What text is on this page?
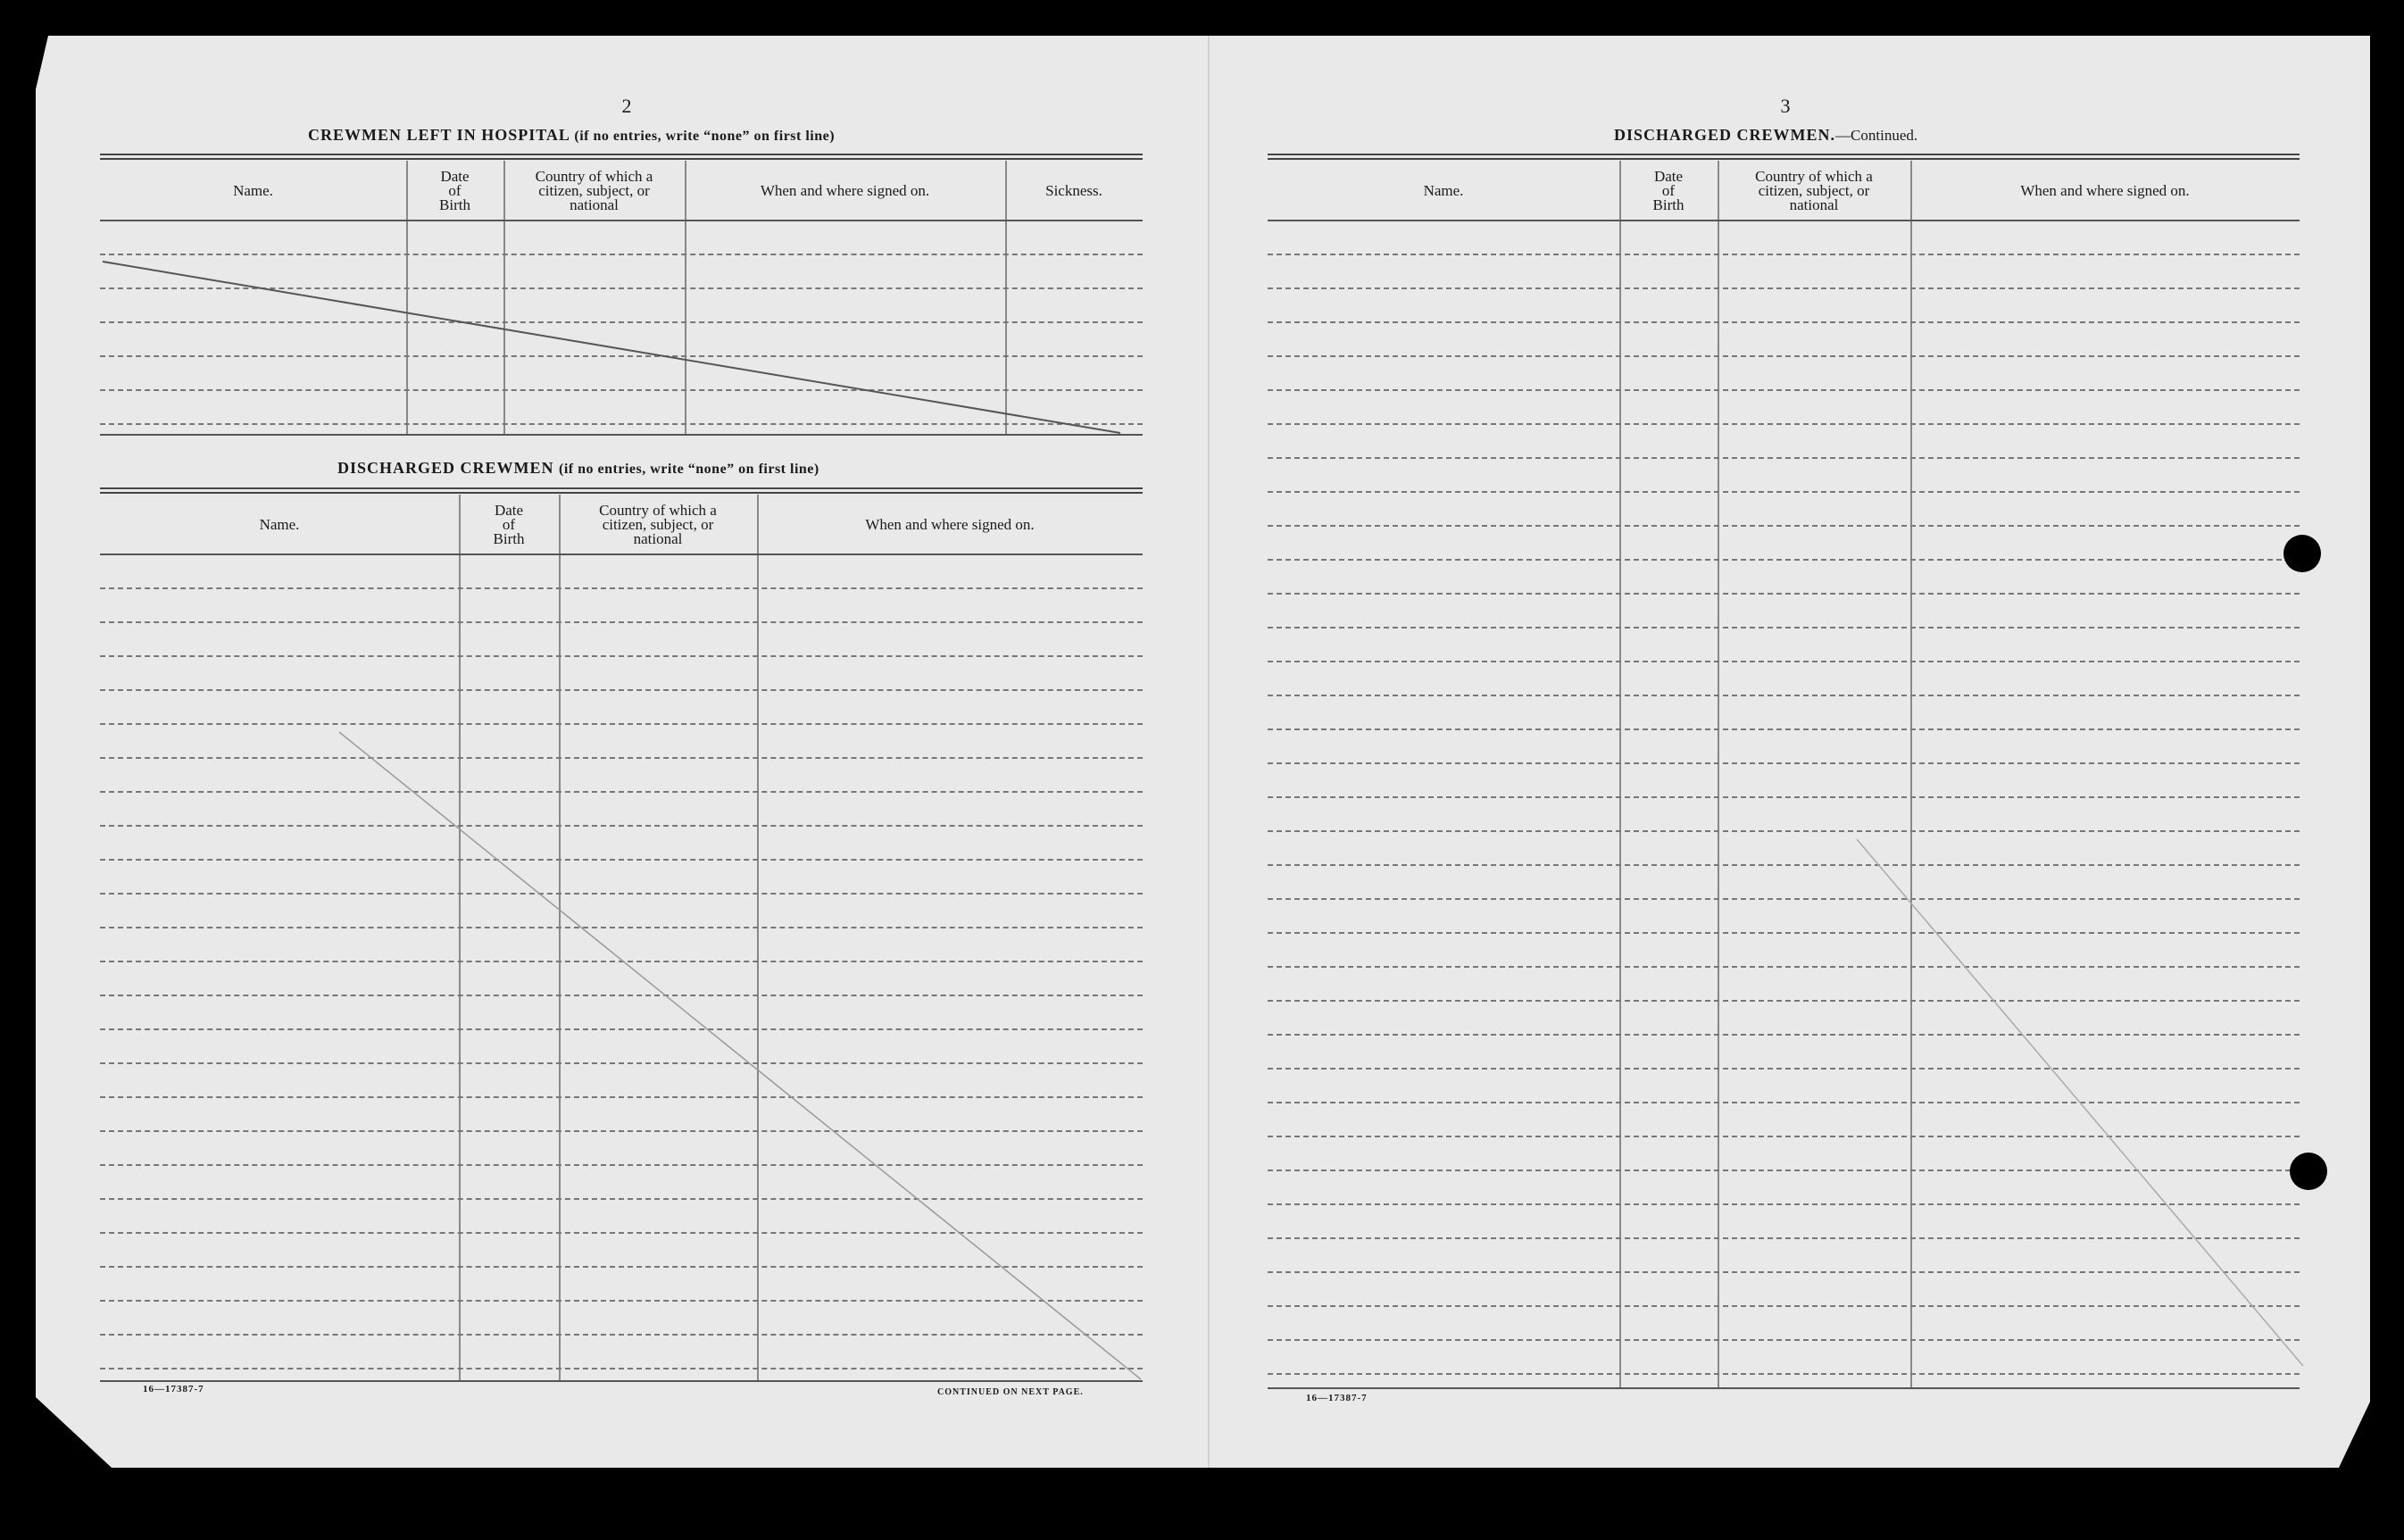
2
CREWMEN LEFT IN HOSPITAL (if no entries, write “none” on first line)
Name.
Date
of
Birth
Country of which a
citizen, subject, or
national
When and where signed on.	Sickness.
DISCHARGED CREWMEN (if no entries, write “none” on first line)
Name.
Date
of
Birth
Country of which a
citizen, subject, or
national
When and where signed on.
16—17387-7	CONTINUED ON NEXT PAGE.
3
DISCHARGED CREWMEN.—Continued.
Name.
Date
of
Birth
Country of which a
citizen, subject, or
national
When and where signed on.
16—17387-7
